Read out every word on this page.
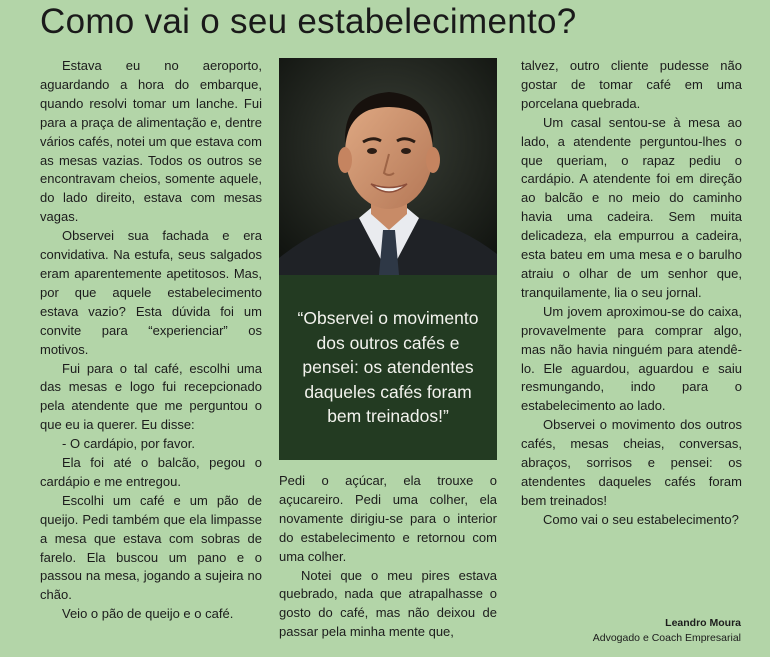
Como vai o seu estabelecimento?

Estava eu no aeroporto, aguardando a hora do embarque, quando resolvi tomar um lanche. Fui para a praça de alimentação e, dentre vários cafés, notei um que estava com as mesas vazias. Todos os outros se encontravam cheios, somente aquele, do lado direito, estava com mesas vagas.

Observei sua fachada e era convidativa. Na estufa, seus salgados eram aparentemente apetitosos. Mas, por que aquele estabelecimento estava vazio? Esta dúvida foi um convite para “experienciar” os motivos.

Fui para o tal café, escolhi uma das mesas e logo fui recepcionado pela atendente que me perguntou o que eu ia querer. Eu disse:

- O cardápio, por favor.

Ela foi até o balcão, pegou o cardápio e me entregou.

Escolhi um café e um pão de queijo. Pedi também que ela limpasse a mesa que estava com sobras de farelo. Ela buscou um pano e o passou na mesa, jogando a sujeira no chão.

Veio o pão de queijo e o café.

“Observei o movimento dos outros cafés e pensei: os atendentes daqueles cafés foram bem treinados!”

Pedi o açúcar, ela trouxe o açucareiro. Pedi uma colher, ela novamente dirigiu-se para o interior do estabelecimento e retornou com uma colher.

Notei que o meu pires estava quebrado, nada que atrapalhasse o gosto do café, mas não deixou de passar pela minha mente que,

talvez, outro cliente pudesse não gostar de tomar café em uma porcelana quebrada.

Um casal sentou-se à mesa ao lado, a atendente perguntou-lhes o que queriam, o rapaz pediu o cardápio. A atendente foi em direção ao balcão e no meio do caminho havia uma cadeira. Sem muita delicadeza, ela empurrou a cadeira, esta bateu em uma mesa e o barulho atraiu o olhar de um senhor que, tranquilamente, lia o seu jornal.

Um jovem aproximou-se do caixa, provavelmente para comprar algo, mas não havia ninguém para atendê-lo. Ele aguardou, aguardou e saiu resmungando, indo para o estabelecimento ao lado.

Observei o movimento dos outros cafés, mesas cheias, conversas, abraços, sorrisos e pensei: os atendentes daqueles cafés foram bem treinados!

Como vai o seu estabelecimento?

Leandro Moura
Advogado e Coach Empresarial
